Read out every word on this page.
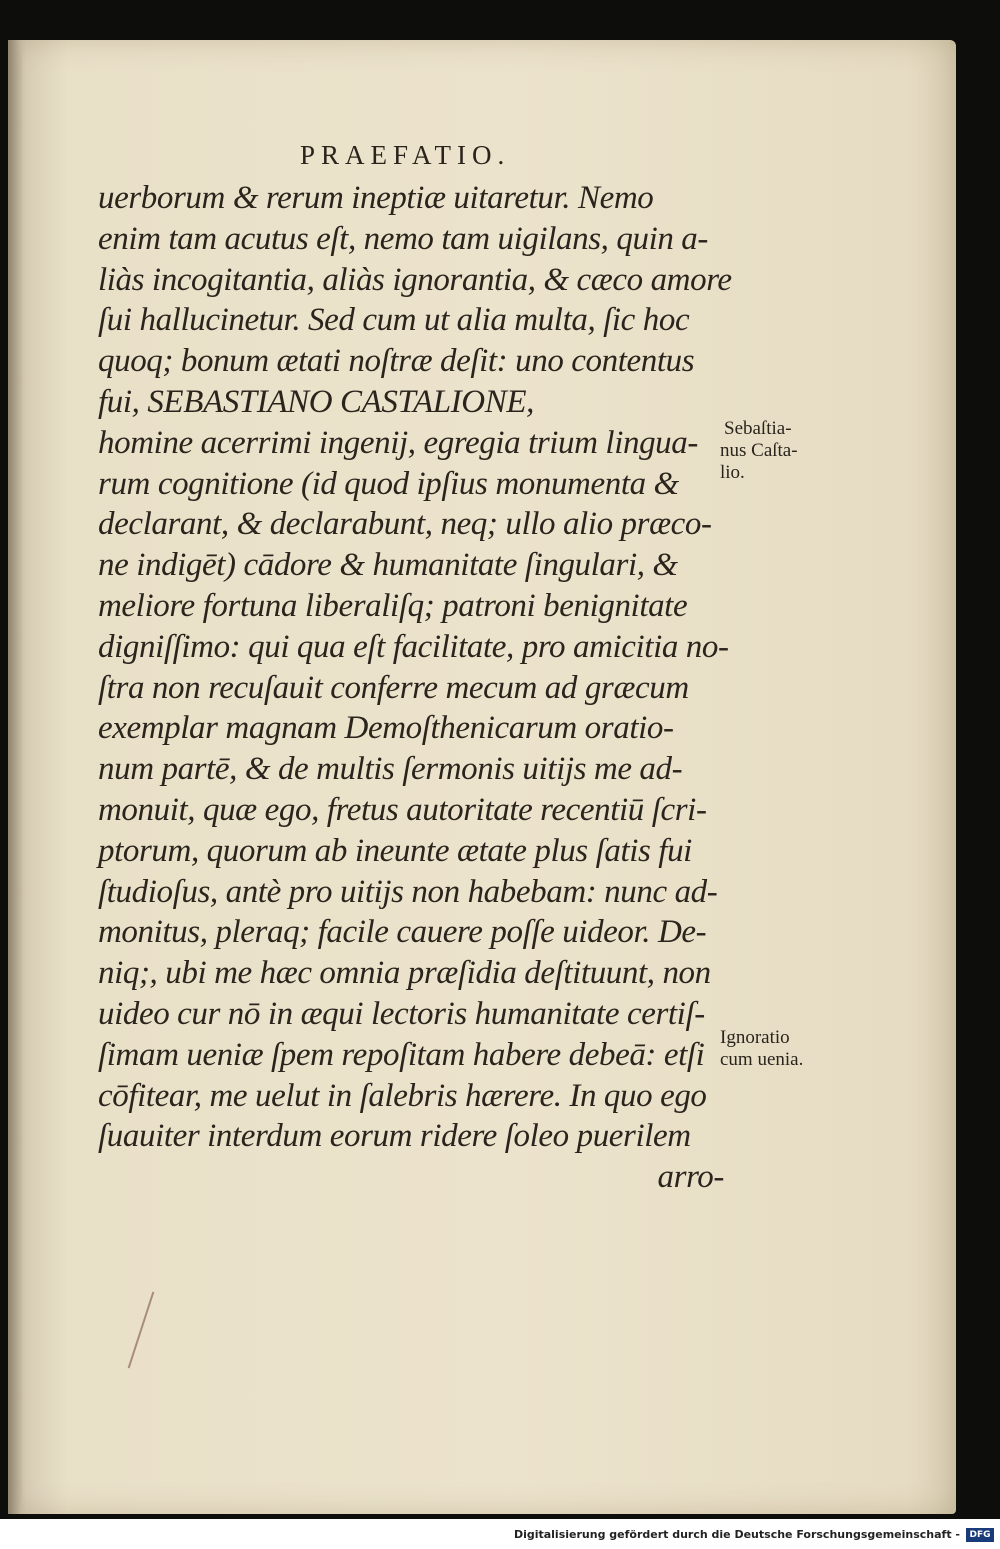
PRAEFATIO.
uerborum & rerum ineptiæ uitaretur. Nemo
enim tam acutus eſt, nemo tam uigilans, quin a-
liàs incogitantia, aliàs ignorantia, & cæco amore
ſui hallucinetur. Sed cum ut alia multa, ſic hoc
quoq; bonum ætati noſtræ deſit: uno contentus
fui, SEBASTIANO CASTALIONE,
homine acerrimi ingenij, egregia trium lingua-
rum cognitione (id quod ipſius monumenta &
declarant, & declarabunt, neq; ullo alio præco-
ne indigēt) cādore & humanitate ſingulari, &
meliore fortuna liberaliſq; patroni benignitate
digniſſimo: qui qua eſt facilitate, pro amicitia no-
ſtra non recuſauit conferre mecum ad græcum
exemplar magnam Demoſthenicarum oratio-
num partē, & de multis ſermonis uitijs me ad-
monuit, quæ ego, fretus autoritate recentiū ſcri-
ptorum, quorum ab ineunte ætate plus ſatis fui
ſtudioſus, antè pro uitijs non habebam: nunc ad-
monitus, pleraq; facile cauere poſſe uideor. De-
niq;, ubi me hæc omnia præſidia deſtituunt, non
uideo cur nō in æqui lectoris humanitate certiſ-
ſimam ueniæ ſpem repoſitam habere debeā: etſi
cōfitear, me uelut in ſalebris hærere. In quo ego
ſuauiter interdum eorum ridere ſoleo puerilem
arro-
Sebaſtia-
nus Caſta-
lio.
Ignoratio
cum uenia.
Digitalisierung gefördert durch die Deutsche Forschungsgemeinschaft -	DFG
